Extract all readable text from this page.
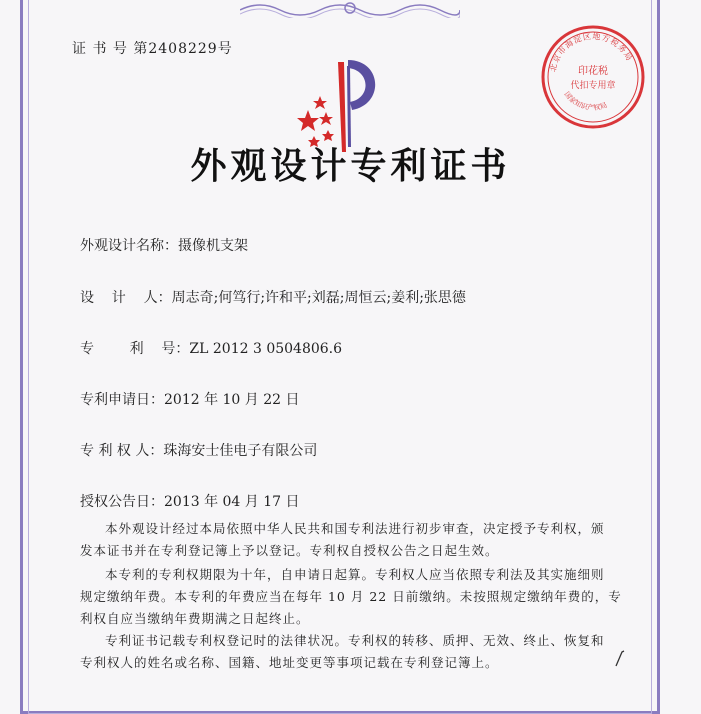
证 书 号 第2408229号
北京市海淀区地方税务局
印花税
代扣专用章
国家知识产权局
外观设计专利证书
外观设计名称：摄像机支架
设    计    人：周志奇;何笃行;许和平;刘磊;周恒云;姜利;张思德
专        利    号：ZL 2012 3 0504806.6
专利申请日：2012 年 10 月 22 日
专 利 权 人：珠海安士佳电子有限公司
授权公告日：2013 年 04 月 17 日

本外观设计经过本局依照中华人民共和国专利法进行初步审查，决定授予专利权，颁

发本证书并在专利登记簿上予以登记。专利权自授权公告之日起生效。

本专利的专利权期限为十年，自申请日起算。专利权人应当依照专利法及其实施细则

规定缴纳年费。本专利的年费应当在每年 10 月 22 日前缴纳。未按照规定缴纳年费的，专

利权自应当缴纳年费期满之日起终止。

专利证书记载专利权登记时的法律状况。专利权的转移、质押、无效、终止、恢复和

专利权人的姓名或名称、国籍、地址变更等事项记载在专利登记簿上。
